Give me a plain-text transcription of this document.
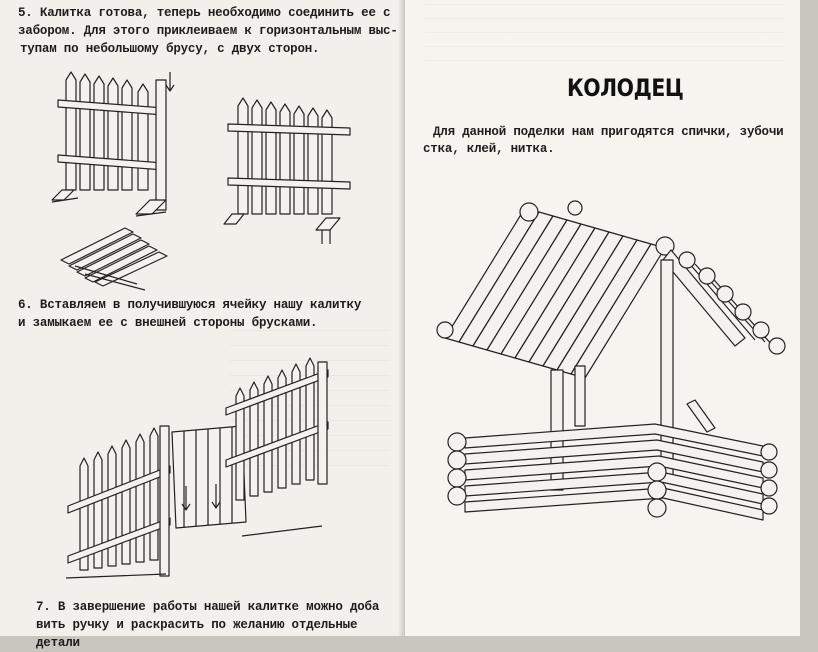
5. Калитка готова, теперь необходимо соединить ее с
забором. Для этого приклеиваем к горизонтальным выс-
тупам по небольшому брусу, с двух сторон.
6. Вставляем в получившуюся ячейку нашу калитку
и замыкаем ее с внешней стороны брусками.
7. В завершение работы нашей калитке можно доба
вить ручку и раскрасить по желанию отдельные детали
КОЛОДЕЦ
Для данной поделки нам пригодятся спички, зубочи
стка, клей, нитка.
